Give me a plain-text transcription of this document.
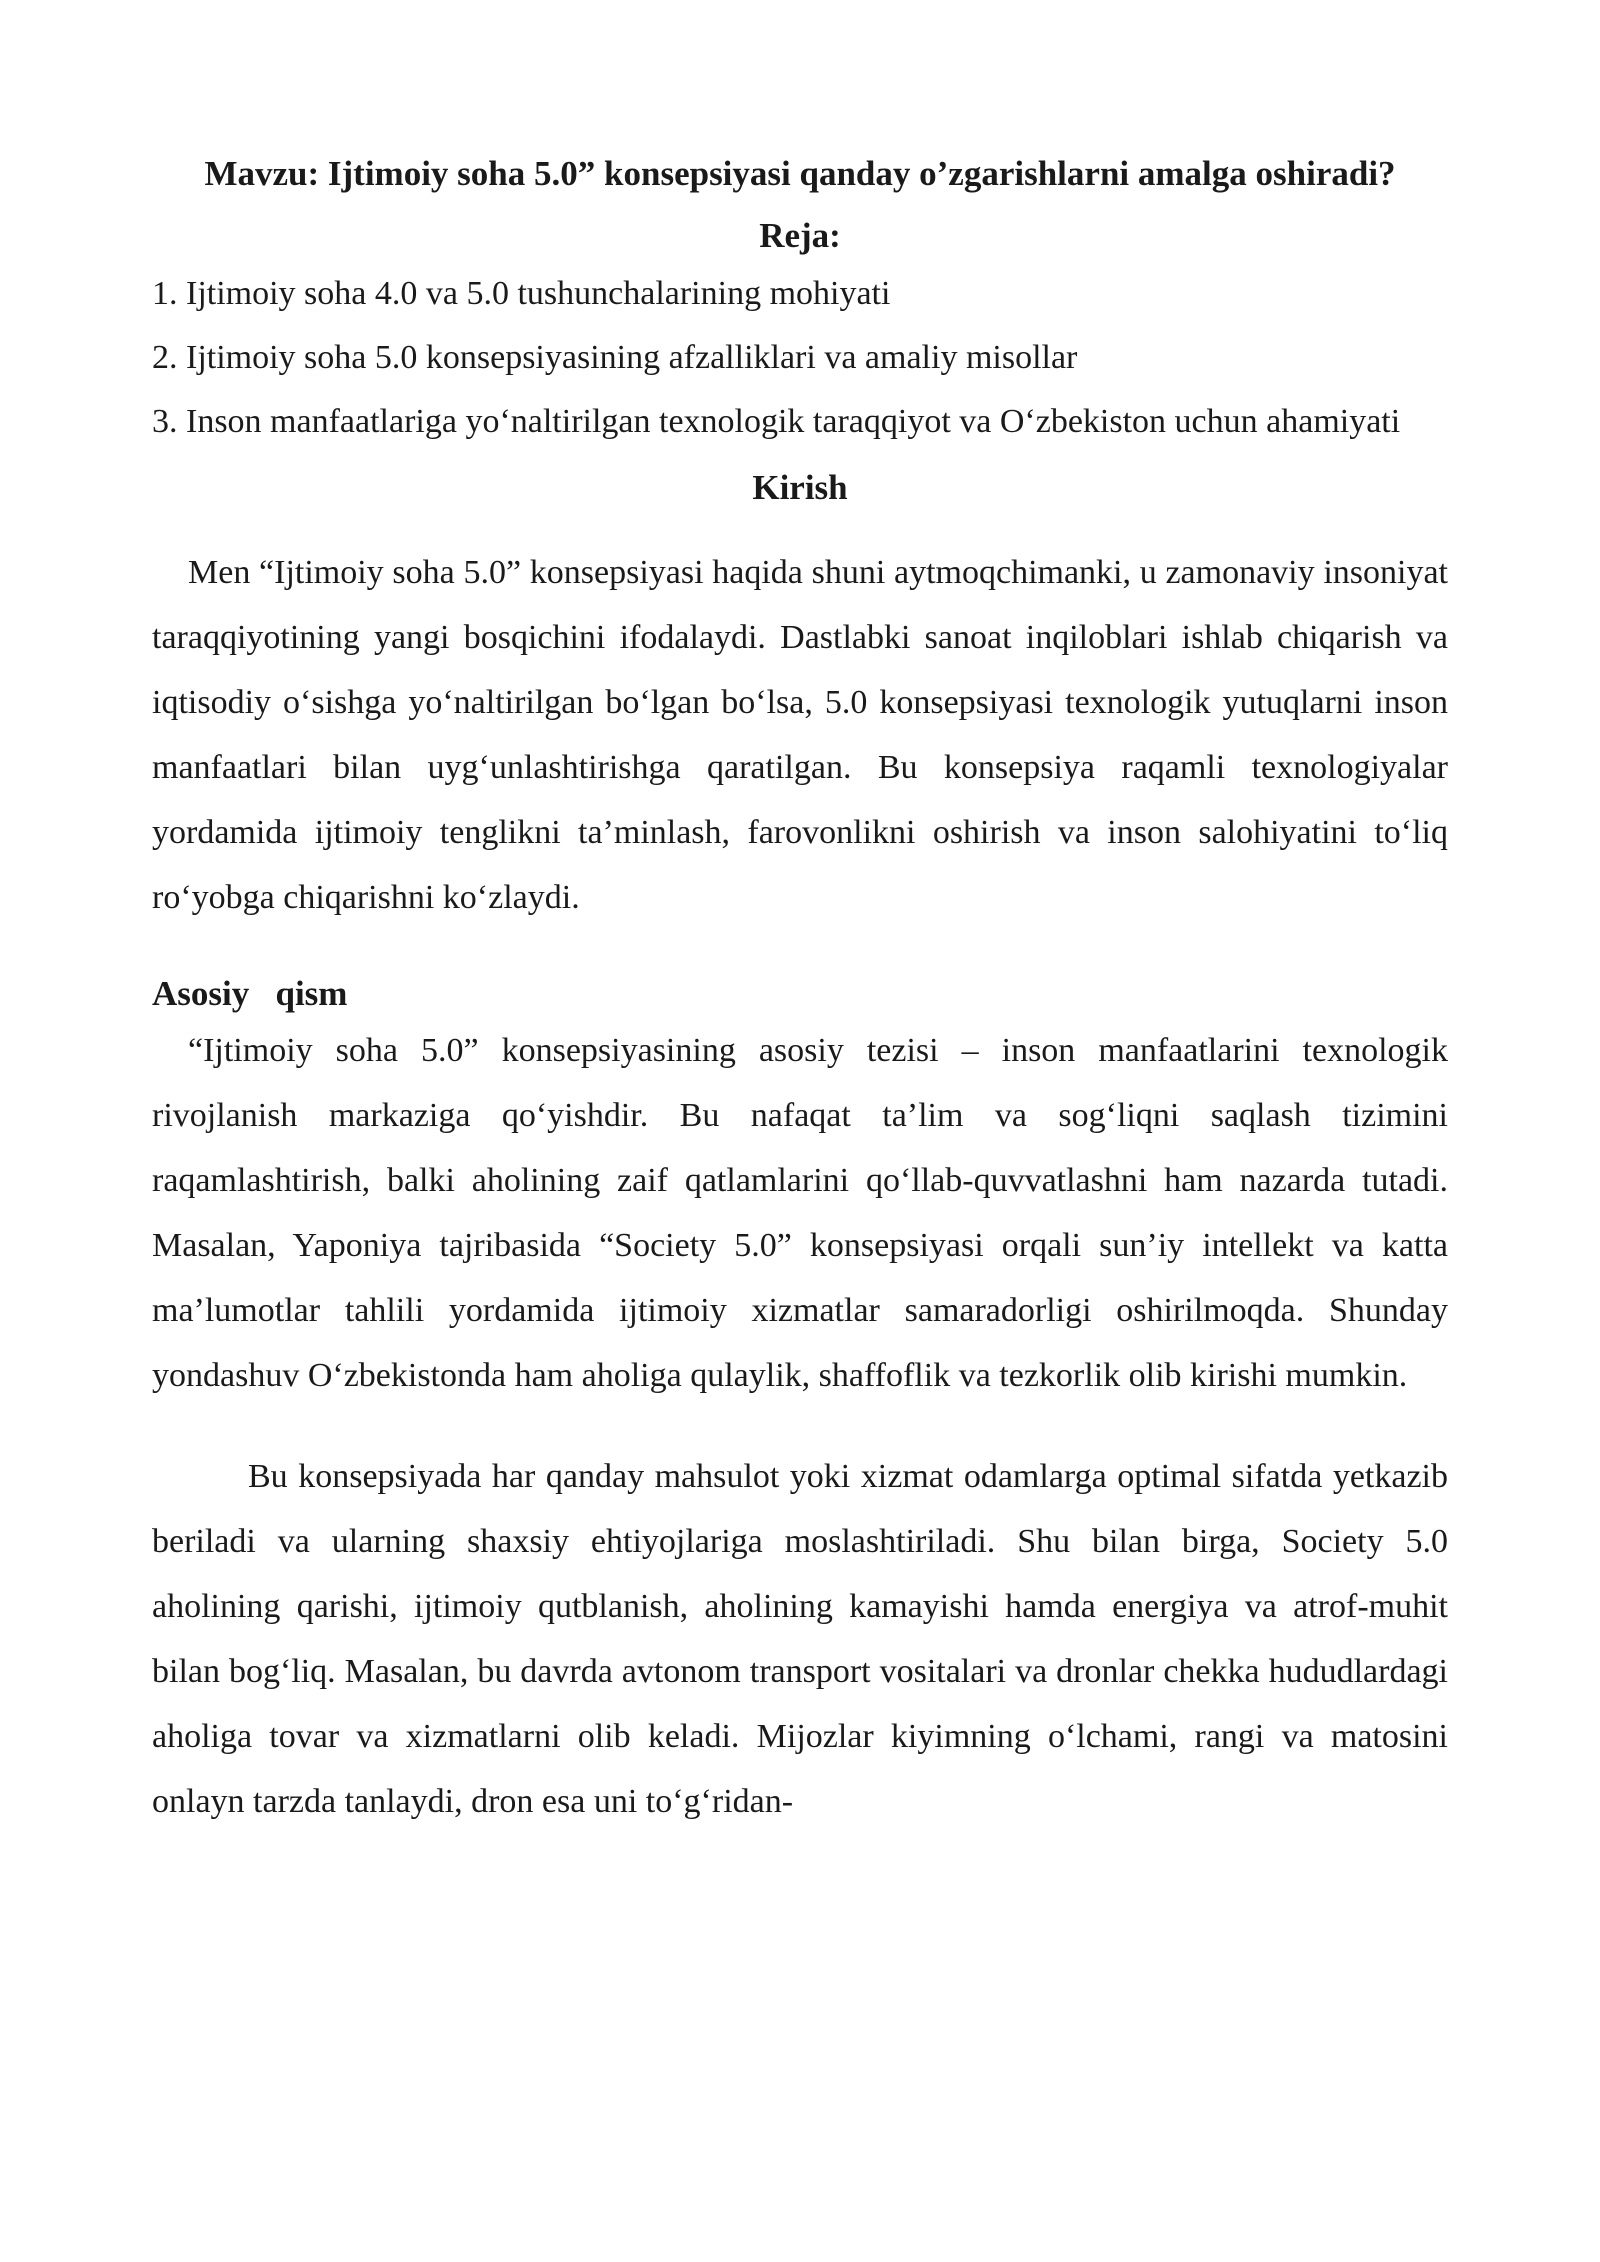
Mavzu: Ijtimoiy soha 5.0” konsepsiyasi qanday o’zgarishlarni amalga oshiradi?

Reja:

1. Ijtimoiy soha 4.0 va 5.0 tushunchalarining mohiyati

2. Ijtimoiy soha 5.0 konsepsiyasining afzalliklari va amaliy misollar

3. Inson manfaatlariga yo‘naltirilgan texnologik taraqqiyot va O‘zbekiston uchun ahamiyati

Kirish

Men “Ijtimoiy soha 5.0” konsepsiyasi haqida shuni aytmoqchimanki, u zamonaviy insoniyat taraqqiyotining yangi bosqichini ifodalaydi. Dastlabki sanoat inqiloblari ishlab chiqarish va iqtisodiy o‘sishga yo‘naltirilgan bo‘lgan bo‘lsa, 5.0 konsepsiyasi texnologik yutuqlarni inson manfaatlari bilan uyg‘unlashtirishga qaratilgan. Bu konsepsiya raqamli texnologiyalar yordamida ijtimoiy tenglikni ta’minlash, farovonlikni oshirish va inson salohiyatini to‘liq ro‘yobga chiqarishni ko‘zlaydi.

Asosiy   qism

“Ijtimoiy soha 5.0” konsepsiyasining asosiy tezisi – inson manfaatlarini texnologik rivojlanish markaziga qo‘yishdir. Bu nafaqat ta’lim va sog‘liqni saqlash tizimini raqamlashtirish, balki aholining zaif qatlamlarini qo‘llab-quvvatlashni ham nazarda tutadi. Masalan, Yaponiya tajribasida “Society 5.0” konsepsiyasi orqali sun’iy intellekt va katta ma’lumotlar tahlili yordamida ijtimoiy xizmatlar samaradorligi oshirilmoqda. Shunday yondashuv O‘zbekistonda ham aholiga qulaylik, shaffoflik va tezkorlik olib kirishi mumkin.

Bu konsepsiyada har qanday mahsulot yoki xizmat odamlarga optimal sifatda yetkazib beriladi va ularning shaxsiy ehtiyojlariga moslashtiriladi. Shu bilan birga, Society 5.0 aholining qarishi, ijtimoiy qutblanish, aholining kamayishi hamda energiya va atrof-muhit bilan bog‘liq. Masalan, bu davrda avtonom transport vositalari va dronlar chekka hududlardagi aholiga tovar va xizmatlarni olib keladi. Mijozlar kiyimning o‘lchami, rangi va matosini onlayn tarzda tanlaydi, dron esa uni to‘g‘ridan-
